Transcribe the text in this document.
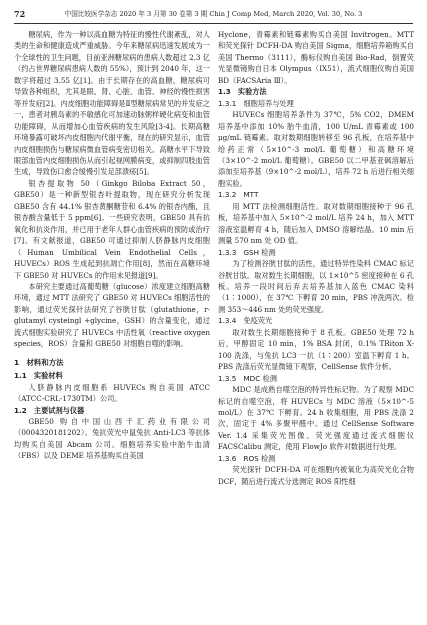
72	中国比较医学杂志 2020 年 3 月第 30 卷第 3 期 Chin J Comp Med, March 2020, Vol. 30, No. 3

糖尿病，作为一种以高血糖为特征的慢性代谢紊乱，对人类的生命和健康造成严重威胁。今年来糖尿病迅速发展成为一个全球性的卫生问题，目前亚洲糖尿病的患病人数超过 2.3 亿（约占世界糖尿病患病人数的 55%），预计到 2040 年，这一数字将超过 3.55 亿[1]。由于长期存在的高血糖，糖尿病可导致各种组织，尤其是眼、肾、心脏、血管、神经的慢性损害等并发症[2]。内皮细胞功能障碍是Ⅱ型糖尿病常见的并发症之一，患者对胰岛素的不敏感化可加速动脉粥样硬化病变和血管功能障碍，从而增加心血管疾病的发生风险[3-4]。长期高糖环境暴露可破坏内皮细胞内代谢平衡，现在的研究显示，血管内皮细胞损伤与糖尿病微血管病变密切相关。高糖水平下导致眼部血管内皮细胞损伤从而引起视网膜病变，或抑制四肢血管生成，导致伤口愈合缓慢引发足部溃疡[5]。

银杏提取物 50（Ginkgo Biloba Extract 50，GBE50）是一种新型银杏叶提取物，现在研究分析发现 GBE50 含有 44.1% 银杏黄酮糖苷和 6.4% 的银杏内酯，且银杏酸含量低于 5 ppm[6]。一些研究表明，GBE50 具有抗氧化和抗炎作用，并已用于老年人群心血管疾病的预防或治疗[7]。有文献报道，GBE50 可通过抑制人脐静脉内皮细胞（Human Umbilical Vein Endothelial Cells，HUVECs）ROS 生成起到抗凋亡作用[8]，然而在高糖环境下 GBE50 对 HUVECs 的作用未见报道[9]。

本研究主要通过高葡萄糖（glucose）浓度建立细胞高糖环境，通过 MTT 法研究了 GBE50 对 HUVECs 细胞活性的影响，通过荧光探针法研究了谷胱甘肽（glutathione，r-glutamyl cysteingl +glycine，GSH）的含量变化，通过流式细胞实验研究了 HUVECs 中活性氧（reactive oxygen species，ROS）含量和 GBE50 对细胞自噬的影响。

1　材料和方法
1.1　实验材料

人脐静脉内皮细胞系 HUVECs 购自美国 ATCC（ATCC-CRL-1730TM）公司。

1.2　主要试剂与仪器

GBE50 购自中国山西千汇药业有限公司（0004320181202）。兔抗荧光中鼠兔抗 Anti-LC3 等抗体均购买自美国 Abcam 公司。细胞培养实验中胎牛血清（FBS）以及 DEME 培养基购买自美国

Hyclone，青霉素和链霉素购买自美国 Invitrogen。MTT 和荧光探针 DCFH-DA 购自美国 Sigma，细胞培养箱购买自美国 Thermo（3111），酶标仪购自美国 Bio-Rad，倒置荧光显微镜购自日本 Olympus（IX51），流式细胞仪购自美国 BD（FACSAria Ⅲ）。

1.3　实验方法
1.3.1　细胞培养与处理

HUVECs 细胞培养条件为 37℃，5% CO2，DMEM 培养基中添加 10% 胎牛血清，100 U/mL 青霉素或 100 μg/mL 链霉素。取对数期细胞转移至 96 孔板，在培养基中给药正常（5×10^-3 mol/L 葡萄糖）和高糖环境（3×10^-2 mol/L 葡萄糖）。GBE50 以二甲基亚砜溶解后添加至培养基（9×10^-2 mol/L），培养 72 h 后进行相关细胞实验。

1.3.2　MTT

用 MTT 法检测细胞活性。取对数期细胞接种于 96 孔板，培养基中加入 5×10^-2 mol/L 培养 24 h，加入 MTT 溶液室温孵育 4 h，随后加入 DMSO 溶解结晶。10 min 后测量 570 nm 处 OD 值。

1.3.3　GSH 检测

为了检测谷胱甘肽的活性，通过特异性染料 CMAC 标记谷胱甘肽。取对数生长期细胞，以 1×10^5 密度接种在 6 孔板。培养一段时间后弃去培养基加入蓝色 CMAC 染料（1∶1000），在 37℃ 下孵育 20 min，PBS 冲洗两次。检测 353～446 nm 处的荧光强度。

1.3.4　免疫荧光

取对数生长期细胞接种于 8 孔板。GBE50 处理 72 h 后，甲醇固定 10 min，1% BSA 封闭，0.1% TRiton X-100 洗涤，与兔抗 LC3 一抗（1∶200）室温下孵育 1 h。PBS 洗涤后荧光显微镜下观察，CellSense 软件分析。

1.3.5　MDC 检测

MDC 是成熟自噬空泡的特异性标记物。为了观察 MDC 标记的自噬空泡，将 HUVECs 与 MDC 溶液（5×10^-5 mol/L）在 37℃ 下孵育。24 h 收集细胞，用 PBS 洗涤 2 次，固定于 4% 多聚甲醛中。通过 CellSense Software Ver. 1.4 采集荧光图像。荧光强度通过流式细胞仪 FACSCalibu 测定，使用 FlowJo 软件对数据进行处理。

1.3.6　ROS 检测

荧光探针 DCFH-DA 可在细胞内被氧化为高荧光化合物 DCF，随后进行流式分选测定 ROS 阳性细
